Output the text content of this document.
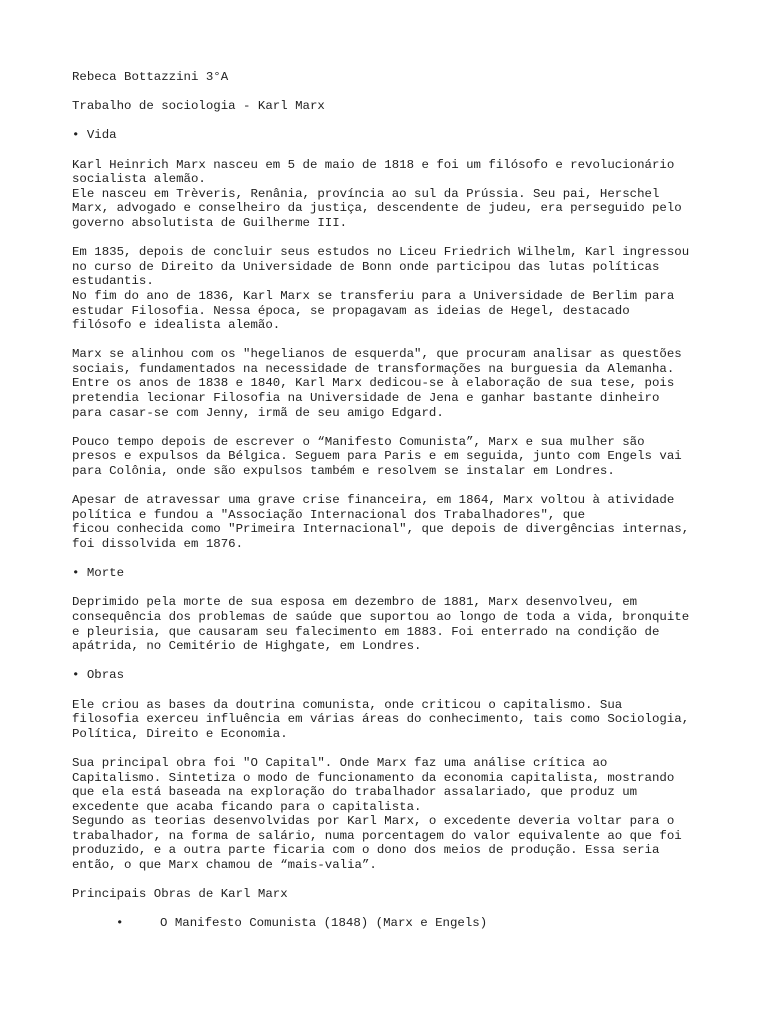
Rebeca Bottazzini 3°A
Trabalho de sociologia - Karl Marx
• Vida
Karl Heinrich Marx nasceu em 5 de maio de 1818 e foi um filósofo e revolucionário
socialista alemão.
Ele nasceu em Trèveris, Renânia, província ao sul da Prússia. Seu pai, Herschel
Marx, advogado e conselheiro da justiça, descendente de judeu, era perseguido pelo
governo absolutista de Guilherme III.
Em 1835, depois de concluir seus estudos no Liceu Friedrich Wilhelm, Karl ingressou
no curso de Direito da Universidade de Bonn onde participou das lutas políticas
estudantis.
No fim do ano de 1836, Karl Marx se transferiu para a Universidade de Berlim para
estudar Filosofia. Nessa época, se propagavam as ideias de Hegel, destacado
filósofo e idealista alemão.
Marx se alinhou com os "hegelianos de esquerda", que procuram analisar as questões
sociais, fundamentados na necessidade de transformações na burguesia da Alemanha.
Entre os anos de 1838 e 1840, Karl Marx dedicou-se à elaboração de sua tese, pois
pretendia lecionar Filosofia na Universidade de Jena e ganhar bastante dinheiro
para casar-se com Jenny, irmã de seu amigo Edgard.
Pouco tempo depois de escrever o “Manifesto Comunista”, Marx e sua mulher são
presos e expulsos da Bélgica. Seguem para Paris e em seguida, junto com Engels vai
para Colônia, onde são expulsos também e resolvem se instalar em Londres.
Apesar de atravessar uma grave crise financeira, em 1864, Marx voltou à atividade
política e fundou a "Associação Internacional dos Trabalhadores", que
ficou conhecida como "Primeira Internacional", que depois de divergências internas,
foi dissolvida em 1876.
• Morte
Deprimido pela morte de sua esposa em dezembro de 1881, Marx desenvolveu, em
consequência dos problemas de saúde que suportou ao longo de toda a vida, bronquite
e pleurisia, que causaram seu falecimento em 1883. Foi enterrado na condição de
apátrida, no Cemitério de Highgate, em Londres.
• Obras
Ele criou as bases da doutrina comunista, onde criticou o capitalismo. Sua
filosofia exerceu influência em várias áreas do conhecimento, tais como Sociologia,
Política, Direito e Economia.
Sua principal obra foi "O Capital". Onde Marx faz uma análise crítica ao
Capitalismo. Sintetiza o modo de funcionamento da economia capitalista, mostrando
que ela está baseada na exploração do trabalhador assalariado, que produz um
excedente que acaba ficando para o capitalista.
Segundo as teorias desenvolvidas por Karl Marx, o excedente deveria voltar para o
trabalhador, na forma de salário, numa porcentagem do valor equivalente ao que foi
produzido, e a outra parte ficaria com o dono dos meios de produção. Essa seria
então, o que Marx chamou de “mais-valia”.
Principais Obras de Karl Marx
•	O Manifesto Comunista (1848) (Marx e Engels)
